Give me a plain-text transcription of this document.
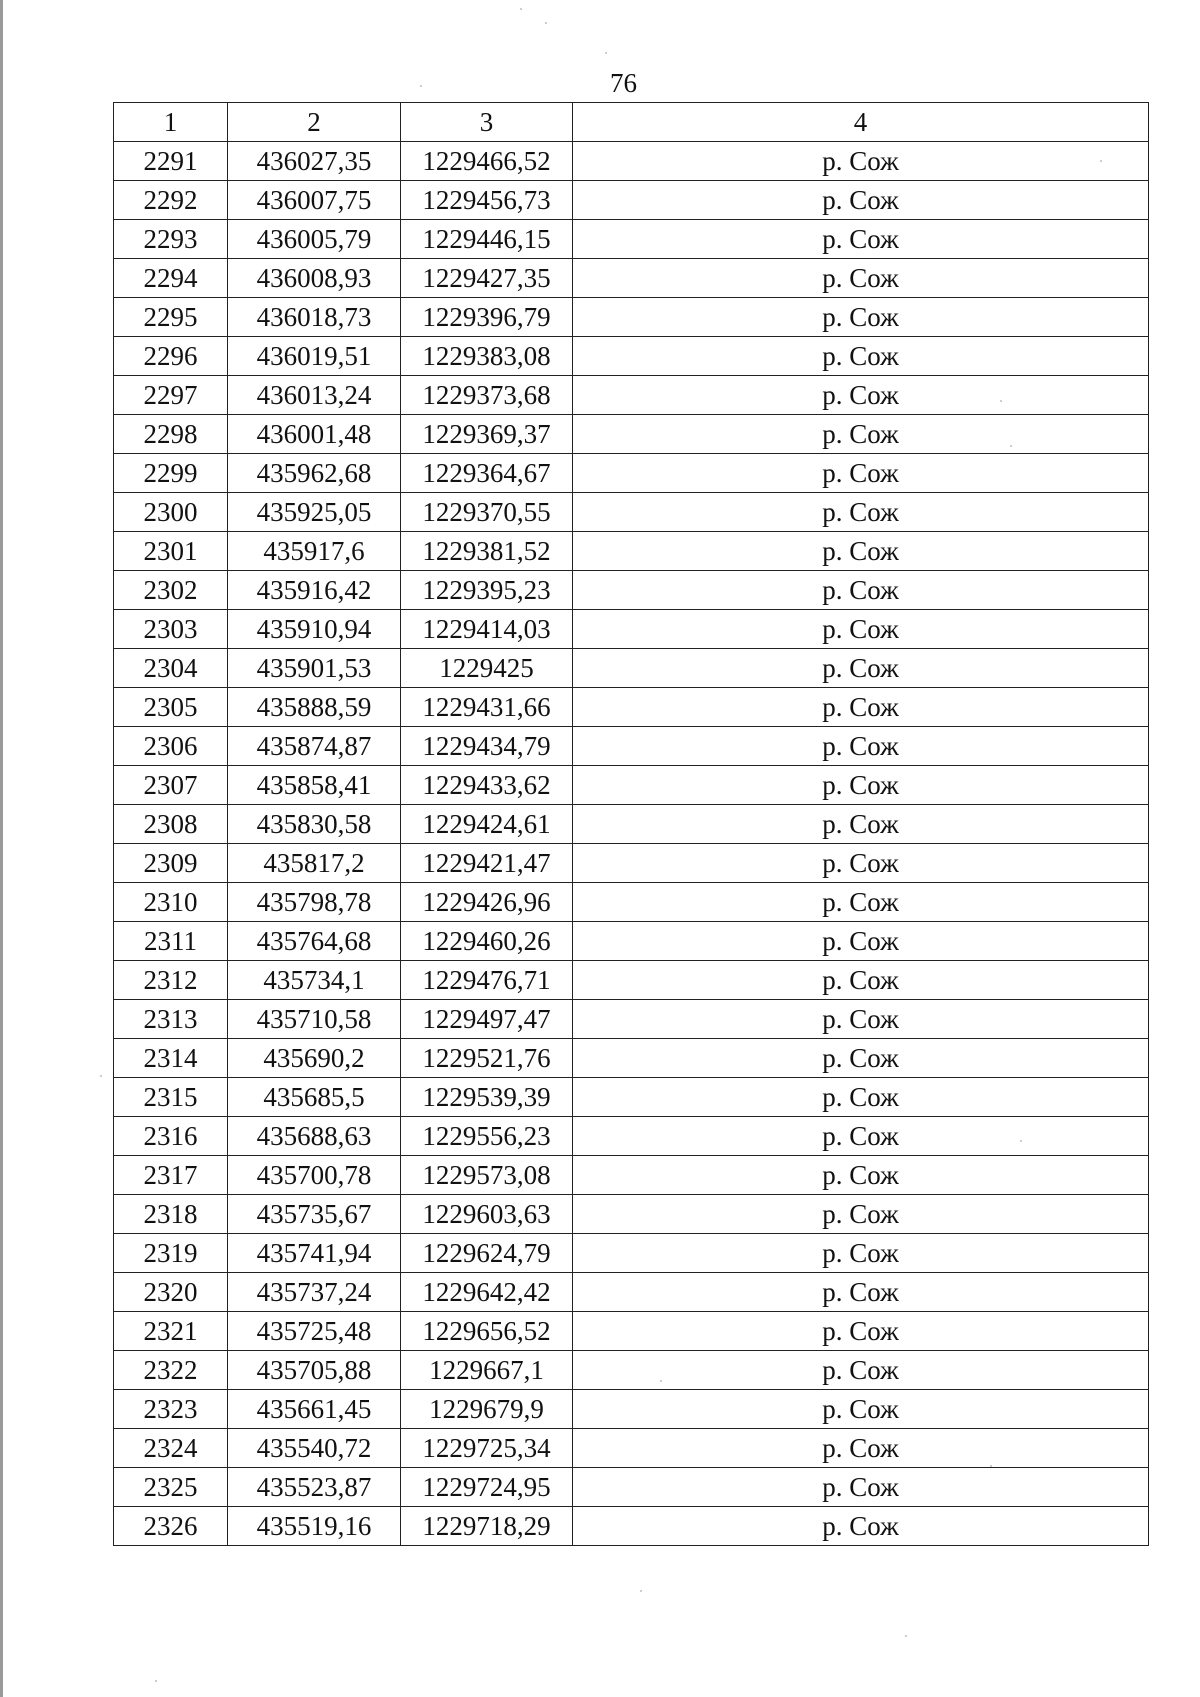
76
1	2	3	4
2291	436027,35	1229466,52	р. Сож
2292	436007,75	1229456,73	р. Сож
2293	436005,79	1229446,15	р. Сож
2294	436008,93	1229427,35	р. Сож
2295	436018,73	1229396,79	р. Сож
2296	436019,51	1229383,08	р. Сож
2297	436013,24	1229373,68	р. Сож
2298	436001,48	1229369,37	р. Сож
2299	435962,68	1229364,67	р. Сож
2300	435925,05	1229370,55	р. Сож
2301	435917,6	1229381,52	р. Сож
2302	435916,42	1229395,23	р. Сож
2303	435910,94	1229414,03	р. Сож
2304	435901,53	1229425	р. Сож
2305	435888,59	1229431,66	р. Сож
2306	435874,87	1229434,79	р. Сож
2307	435858,41	1229433,62	р. Сож
2308	435830,58	1229424,61	р. Сож
2309	435817,2	1229421,47	р. Сож
2310	435798,78	1229426,96	р. Сож
2311	435764,68	1229460,26	р. Сож
2312	435734,1	1229476,71	р. Сож
2313	435710,58	1229497,47	р. Сож
2314	435690,2	1229521,76	р. Сож
2315	435685,5	1229539,39	р. Сож
2316	435688,63	1229556,23	р. Сож
2317	435700,78	1229573,08	р. Сож
2318	435735,67	1229603,63	р. Сож
2319	435741,94	1229624,79	р. Сож
2320	435737,24	1229642,42	р. Сож
2321	435725,48	1229656,52	р. Сож
2322	435705,88	1229667,1	р. Сож
2323	435661,45	1229679,9	р. Сож
2324	435540,72	1229725,34	р. Сож
2325	435523,87	1229724,95	р. Сож
2326	435519,16	1229718,29	р. Сож
